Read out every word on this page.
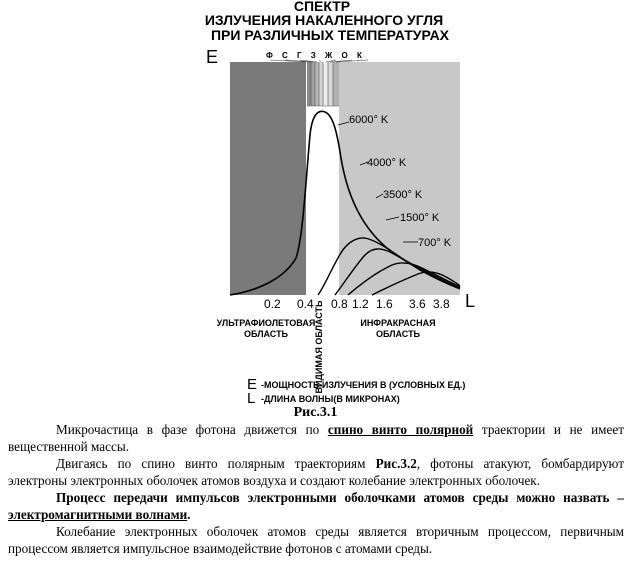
СПЕКТР
ИЗЛУЧЕНИЯ НАКАЛЕННОГО УГЛЯ
ПРИ РАЗЛИЧНЫХ ТЕМПЕРАТУРАХ
E
L
Ф С Г З Ж О К
6000° K
4000° K
3500° K
1500° K
700° K
0.2 0.4 0.8 1.2 1.6 3.6 3.8
УЛЬТРАФИОЛЕТОВАЯ
ОБЛАСТЬ	ВИДИМАЯ ОБЛАСТЬ	ИНФРАКРАСНАЯ
ОБЛАСТЬ
E -МОЩНОСТЬ ИЗЛУЧЕНИЯ В (УСЛОВНЫХ ЕД.)
L -ДЛИНА ВОЛНЫ(В МИКРОНАХ)
Рис.3.1

Микрочастица в фазе фотона движется по спино винто полярной траектории и не имеет вещественной массы.

Двигаясь по спино винто полярным траекториям Рис.3.2, фотоны атакуют, бомбардируют электроны электронных оболочек атомов воздуха и создают колебание электронных оболочек.

Процесс передачи импульсов электронными оболочками атомов среды можно назвать – электромагнитными волнами.

Колебание электронных оболочек атомов среды является вторичным процессом, первичным процессом является импульсное взаимодействие фотонов с атомами среды.
